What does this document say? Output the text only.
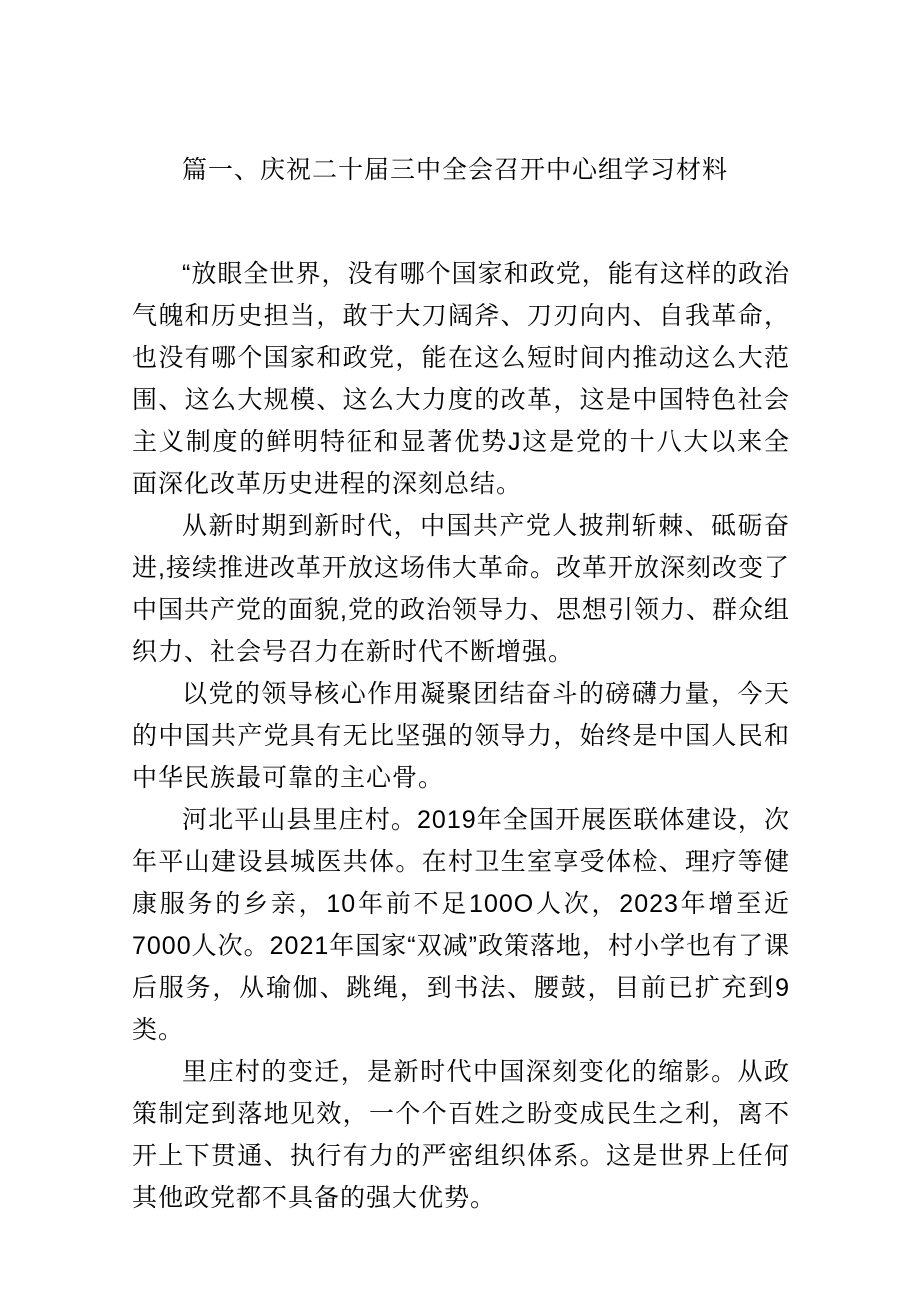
篇一、庆祝二十届三中全会召开中心组学习材料

“放眼全世界，没有哪个国家和政党，能有这样的政治气魄和历史担当，敢于大刀阔斧、刀刃向内、自我革命，也没有哪个国家和政党，能在这么短时间内推动这么大范围、这么大规模、这么大力度的改革，这是中国特色社会主义制度的鲜明特征和显著优势J这是党的十八大以来全面深化改革历史进程的深刻总结。

从新时期到新时代，中国共产党人披荆斩棘、砥砺奋进,接续推进改革开放这场伟大革命。改革开放深刻改变了中国共产党的面貌,党的政治领导力、思想引领力、群众组织力、社会号召力在新时代不断增强。

以党的领导核心作用凝聚团结奋斗的磅礴力量，今天的中国共产党具有无比坚强的领导力，始终是中国人民和中华民族最可靠的主心骨。

河北平山县里庄村。2019年全国开展医联体建设，次年平山建设县城医共体。在村卫生室享受体检、理疗等健康服务的乡亲，10年前不足100O人次，2023年增至近7000人次。2021年国家“双减”政策落地，村小学也有了课后服务，从瑜伽、跳绳，到书法、腰鼓，目前已扩充到9类。

里庄村的变迁，是新时代中国深刻变化的缩影。从政策制定到落地见效，一个个百姓之盼变成民生之利，离不开上下贯通、执行有力的严密组织体系。这是世界上任何其他政党都不具备的强大优势。
